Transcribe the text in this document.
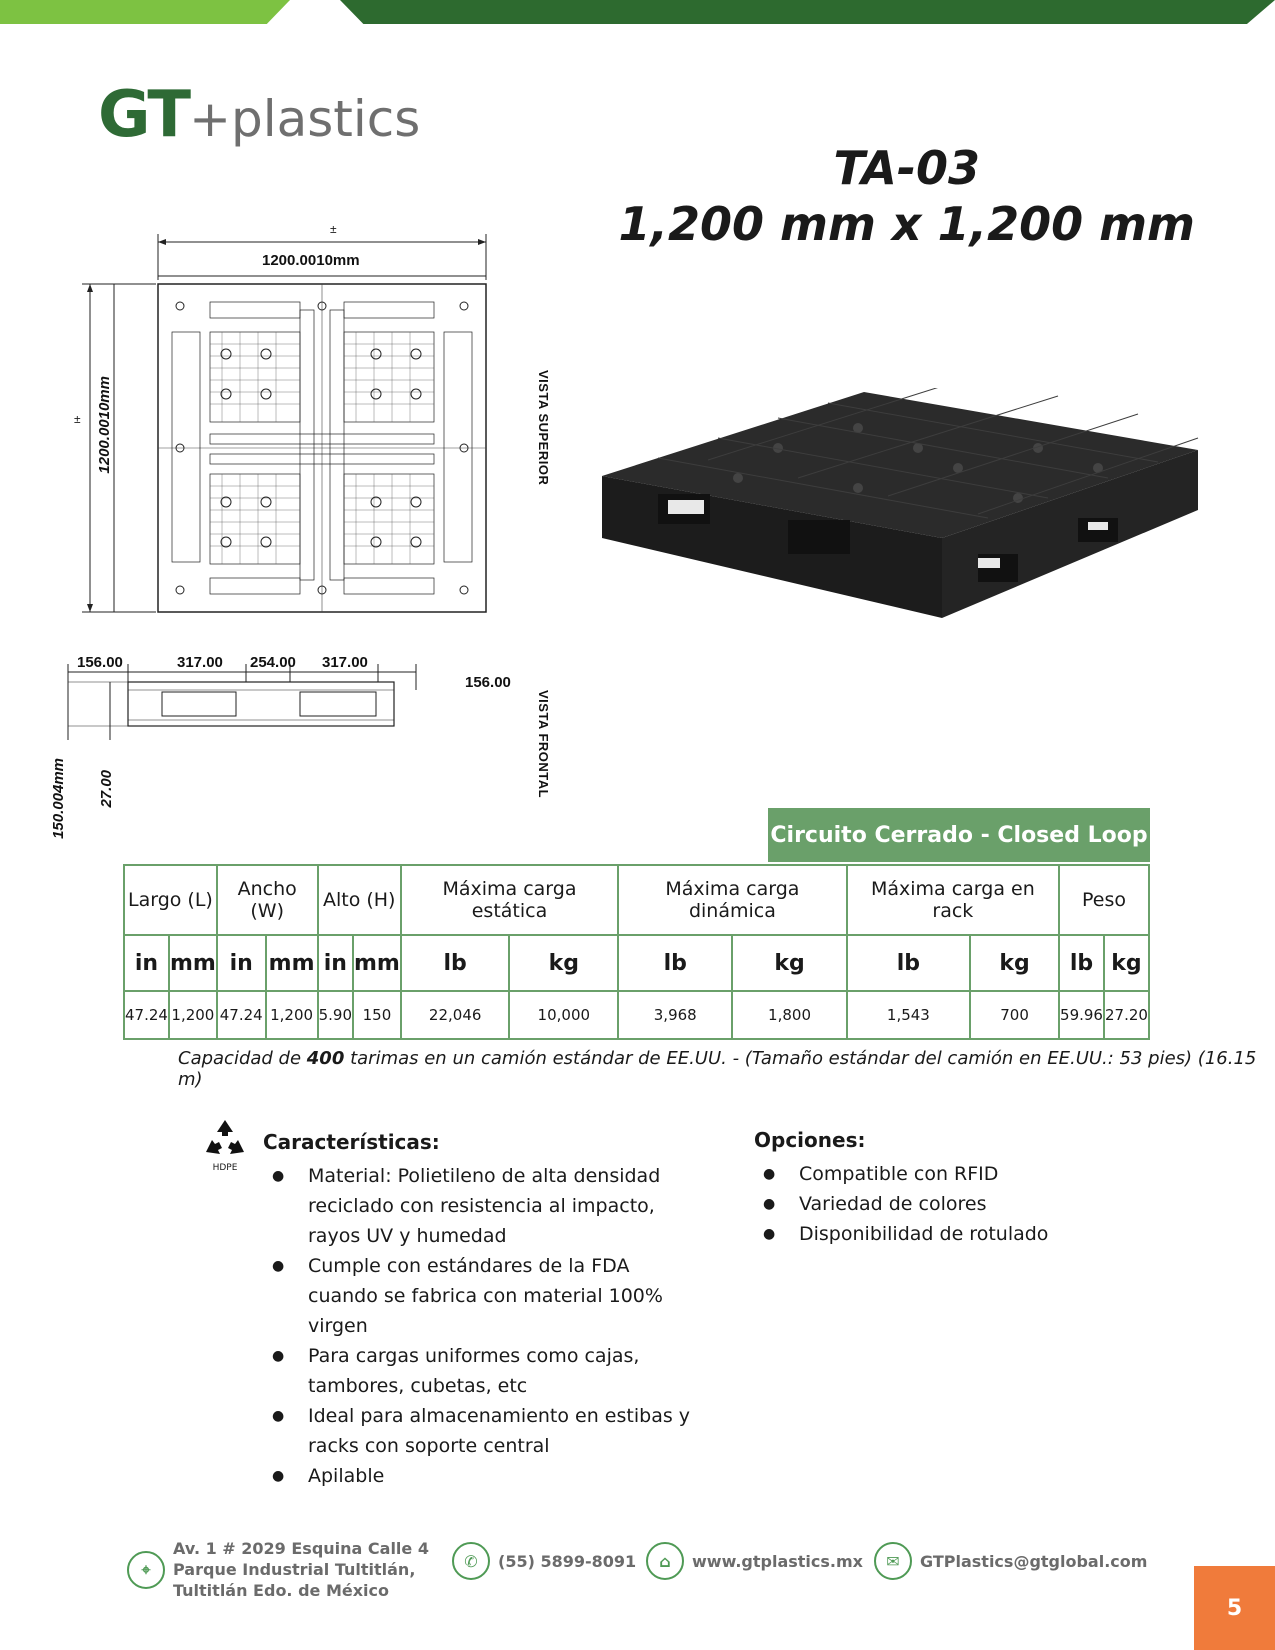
GT+plastics
TA-03
1,200 mm x 1,200 mm
±
1200.0010mm
1200.0010mm
±	VISTA SUPERIOR
156.00	317.00 254.00 317.00
156.00
150.004mm 27.00	VISTA FRONTAL
Circuito Cerrado - Closed Loop
Largo (L)		Ancho (W)		Alto (H)		Máxima carga estática		Máxima carga dinámica		Máxima carga en rack		Peso	
in	mm	in	mm	in	mm	lb	kg	lb	kg	lb	kg	lb	kg
47.24	1,200	47.24	1,200	5.90	150	22,046	10,000	3,968	1,800	1,543	700	59.96	27.20
Capacidad de 400 tarimas en un camión estándar de EE.UU. - (Tamaño estándar del camión en EE.UU.: 53 pies) (16.15 m)
HDPE
Características:
● Material: Polietileno de alta densidad reciclado con resistencia al impacto, rayos UV y humedad
● Cumple con estándares de la FDA cuando se fabrica con material 100% virgen
● Para cargas uniformes como cajas, tambores, cubetas, etc
● Ideal para almacenamiento en estibas y racks con soporte central
● Apilable
Opciones:
● Compatible con RFID
● Variedad de colores
● Disponibilidad de rotulado
⌖
Av. 1 # 2029 Esquina Calle 4
Parque Industrial Tultitlán,
Tultitlán Edo. de México
✆	(55) 5899-8091	⌂	www.gtplastics.mx	✉	GTPlastics@gtglobal.com
5
